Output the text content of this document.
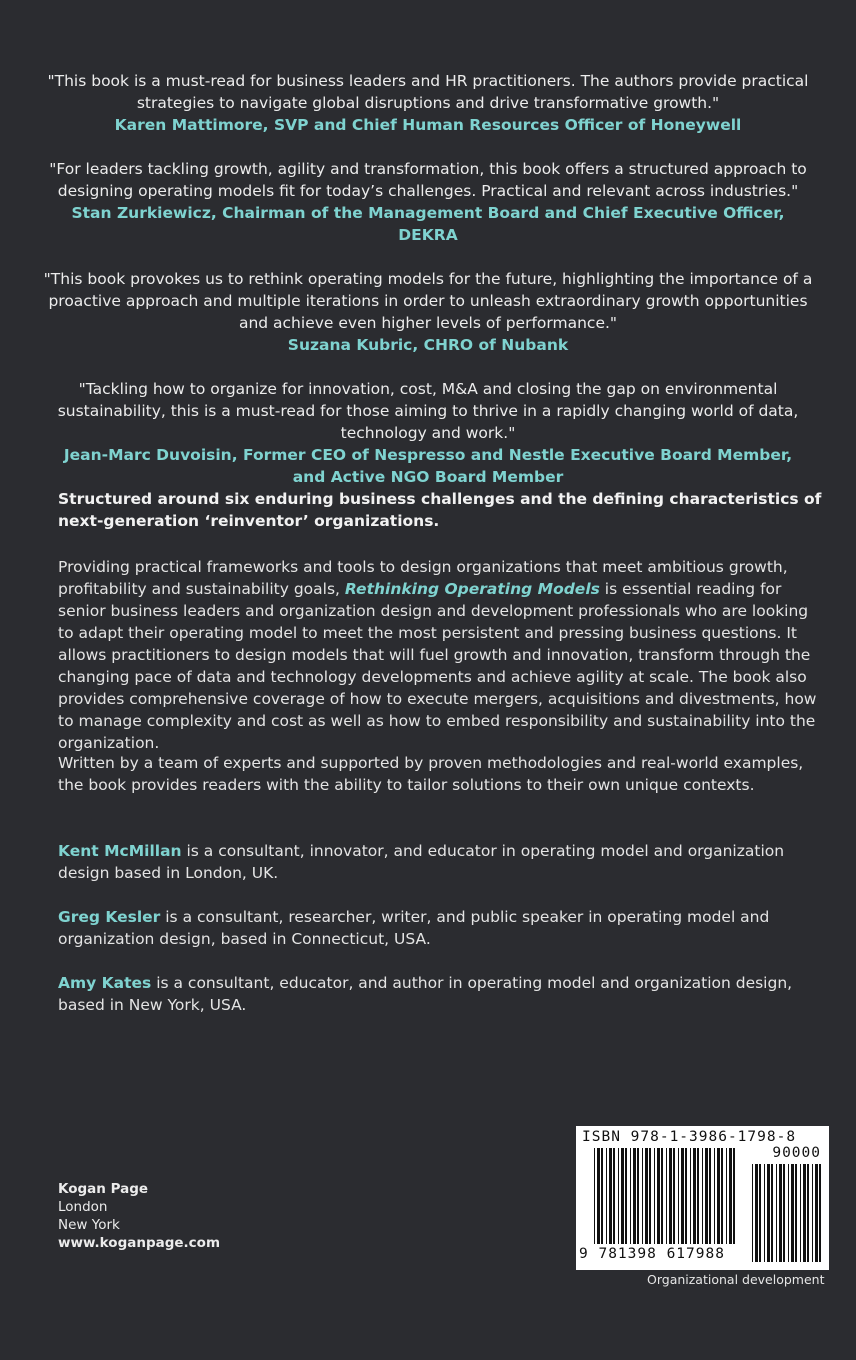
"This book is a must-read for business leaders and HR practitioners. The authors provide practical strategies to navigate global disruptions and drive transformative growth."
Karen Mattimore, SVP and Chief Human Resources Officer of Honeywell
"For leaders tackling growth, agility and transformation, this book offers a structured approach to designing operating models fit for today’s challenges. Practical and relevant across industries."
Stan Zurkiewicz, Chairman of the Management Board and Chief Executive Officer, DEKRA
"This book provokes us to rethink operating models for the future, highlighting the importance of a proactive approach and multiple iterations in order to unleash extraordinary growth opportunities and achieve even higher levels of performance."
Suzana Kubric, CHRO of Nubank
"Tackling how to organize for innovation, cost, M&A and closing the gap on environmental sustainability, this is a must-read for those aiming to thrive in a rapidly changing world of data, technology and work."
Jean-Marc Duvoisin, Former CEO of Nespresso and Nestle Executive Board Member,
and Active NGO Board Member
Structured around six enduring business challenges and the defining characteristics of next-generation ‘reinventor’ organizations.
Providing practical frameworks and tools to design organizations that meet ambitious growth, profitability and sustainability goals, Rethinking Operating Models is essential reading for senior business leaders and organization design and development professionals who are looking to adapt their operating model to meet the most persistent and pressing business questions. It allows practitioners to design models that will fuel growth and innovation, transform through the changing pace of data and technology developments and achieve agility at scale. The book also provides comprehensive coverage of how to execute mergers, acquisitions and divestments, how to manage complexity and cost as well as how to embed responsibility and sustainability into the organization.
Written by a team of experts and supported by proven methodologies and real-world examples, the book provides readers with the ability to tailor solutions to their own unique contexts.
Kent McMillan is a consultant, innovator, and educator in operating model and organization design based in London, UK.
Greg Kesler is a consultant, researcher, writer, and public speaker in operating model and organization design, based in Connecticut, USA.
Amy Kates is a consultant, educator, and author in operating model and organization design, based in New York, USA.
Kogan Page
London
New York
www.koganpage.com
ISBN 978-1-3986-1798-8
90000
9 781398 617988
Organizational development
